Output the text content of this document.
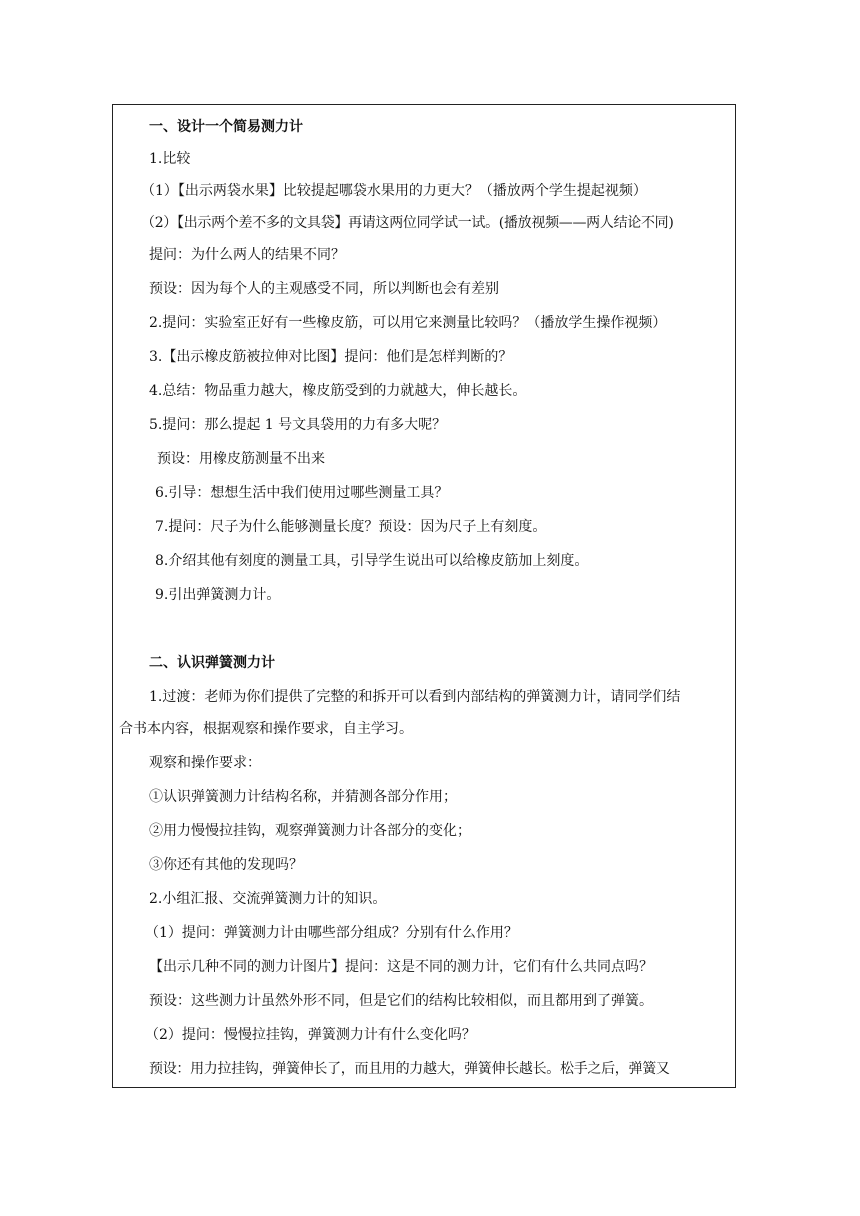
一、设计一个简易测力计
1.比较
（1）【出示两袋水果】比较提起哪袋水果用的力更大？（播放两个学生提起视频）
（2）【出示两个差不多的文具袋】再请这两位同学试一试。(播放视频——两人结论不同)
提问：为什么两人的结果不同？
预设：因为每个人的主观感受不同，所以判断也会有差别
2.提问：实验室正好有一些橡皮筋，可以用它来测量比较吗？（播放学生操作视频）
3.【出示橡皮筋被拉伸对比图】提问：他们是怎样判断的？
4.总结：物品重力越大，橡皮筋受到的力就越大，伸长越长。
5.提问：那么提起 1 号文具袋用的力有多大呢？
预设：用橡皮筋测量不出来
6.引导：想想生活中我们使用过哪些测量工具？
7.提问：尺子为什么能够测量长度？预设：因为尺子上有刻度。
8.介绍其他有刻度的测量工具，引导学生说出可以给橡皮筋加上刻度。
9.引出弹簧测力计。
二、认识弹簧测力计
1.过渡：老师为你们提供了完整的和拆开可以看到内部结构的弹簧测力计，请同学们结
合书本内容，根据观察和操作要求，自主学习。
观察和操作要求：
①认识弹簧测力计结构名称，并猜测各部分作用；
②用力慢慢拉挂钩，观察弹簧测力计各部分的变化；
③你还有其他的发现吗？
2.小组汇报、交流弹簧测力计的知识。
（1）提问：弹簧测力计由哪些部分组成？分别有什么作用？
【出示几种不同的测力计图片】提问：这是不同的测力计，它们有什么共同点吗？
预设：这些测力计虽然外形不同，但是它们的结构比较相似，而且都用到了弹簧。
（2）提问：慢慢拉挂钩，弹簧测力计有什么变化吗？
预设：用力拉挂钩，弹簧伸长了，而且用的力越大，弹簧伸长越长。松手之后，弹簧又
